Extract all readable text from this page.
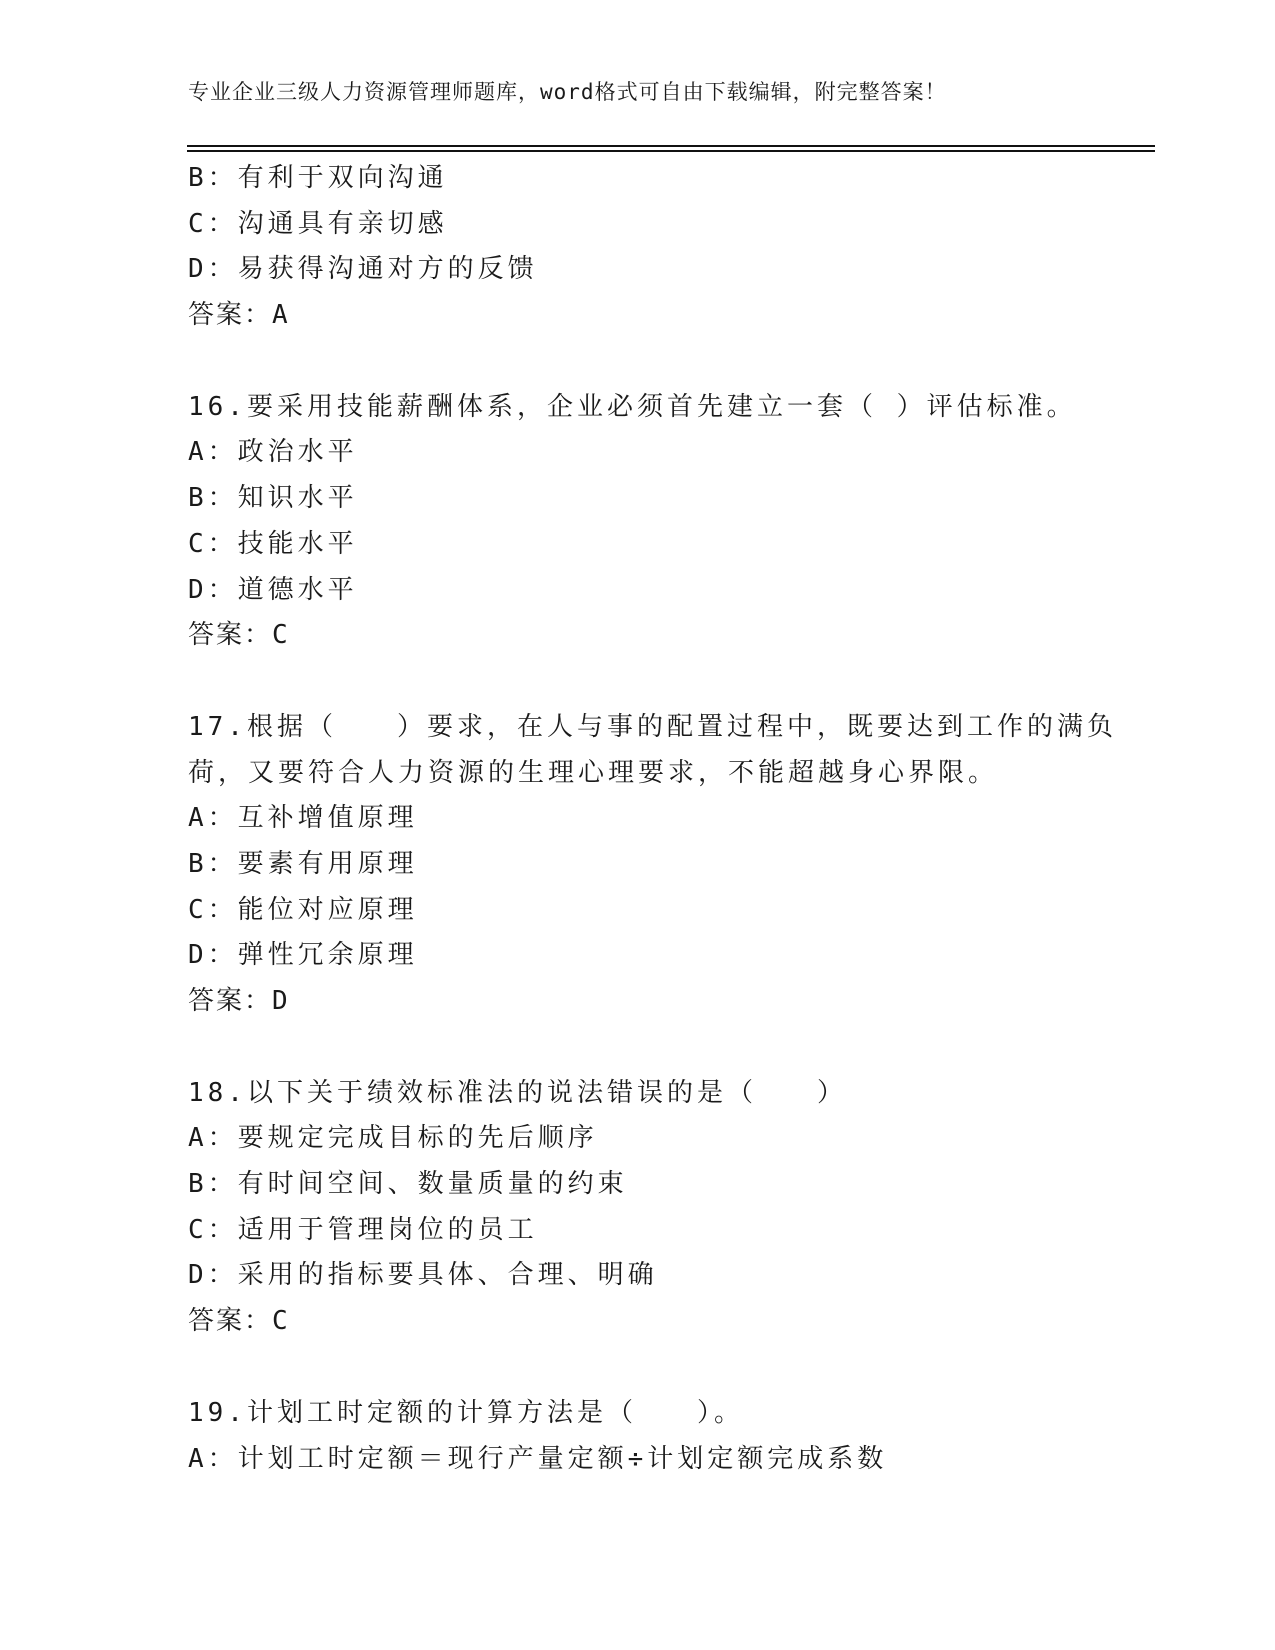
专业企业三级人力资源管理师题库，word格式可自由下载编辑，附完整答案！
B：有利于双向沟通
C：沟通具有亲切感
D：易获得沟通对方的反馈
答案：A
16.要采用技能薪酬体系，企业必须首先建立一套（ ）评估标准。
A：政治水平
B：知识水平
C：技能水平
D：道德水平
答案：C
17.根据（　　）要求，在人与事的配置过程中，既要达到工作的满负
荷，又要符合人力资源的生理心理要求，不能超越身心界限。
A：互补增值原理
B：要素有用原理
C：能位对应原理
D：弹性冗余原理
答案：D
18.以下关于绩效标准法的说法错误的是（　　）
A：要规定完成目标的先后顺序
B：有时间空间、数量质量的约束
C：适用于管理岗位的员工
D：采用的指标要具体、合理、明确
答案：C
19.计划工时定额的计算方法是（　　）。
A：计划工时定额＝现行产量定额÷计划定额完成系数
